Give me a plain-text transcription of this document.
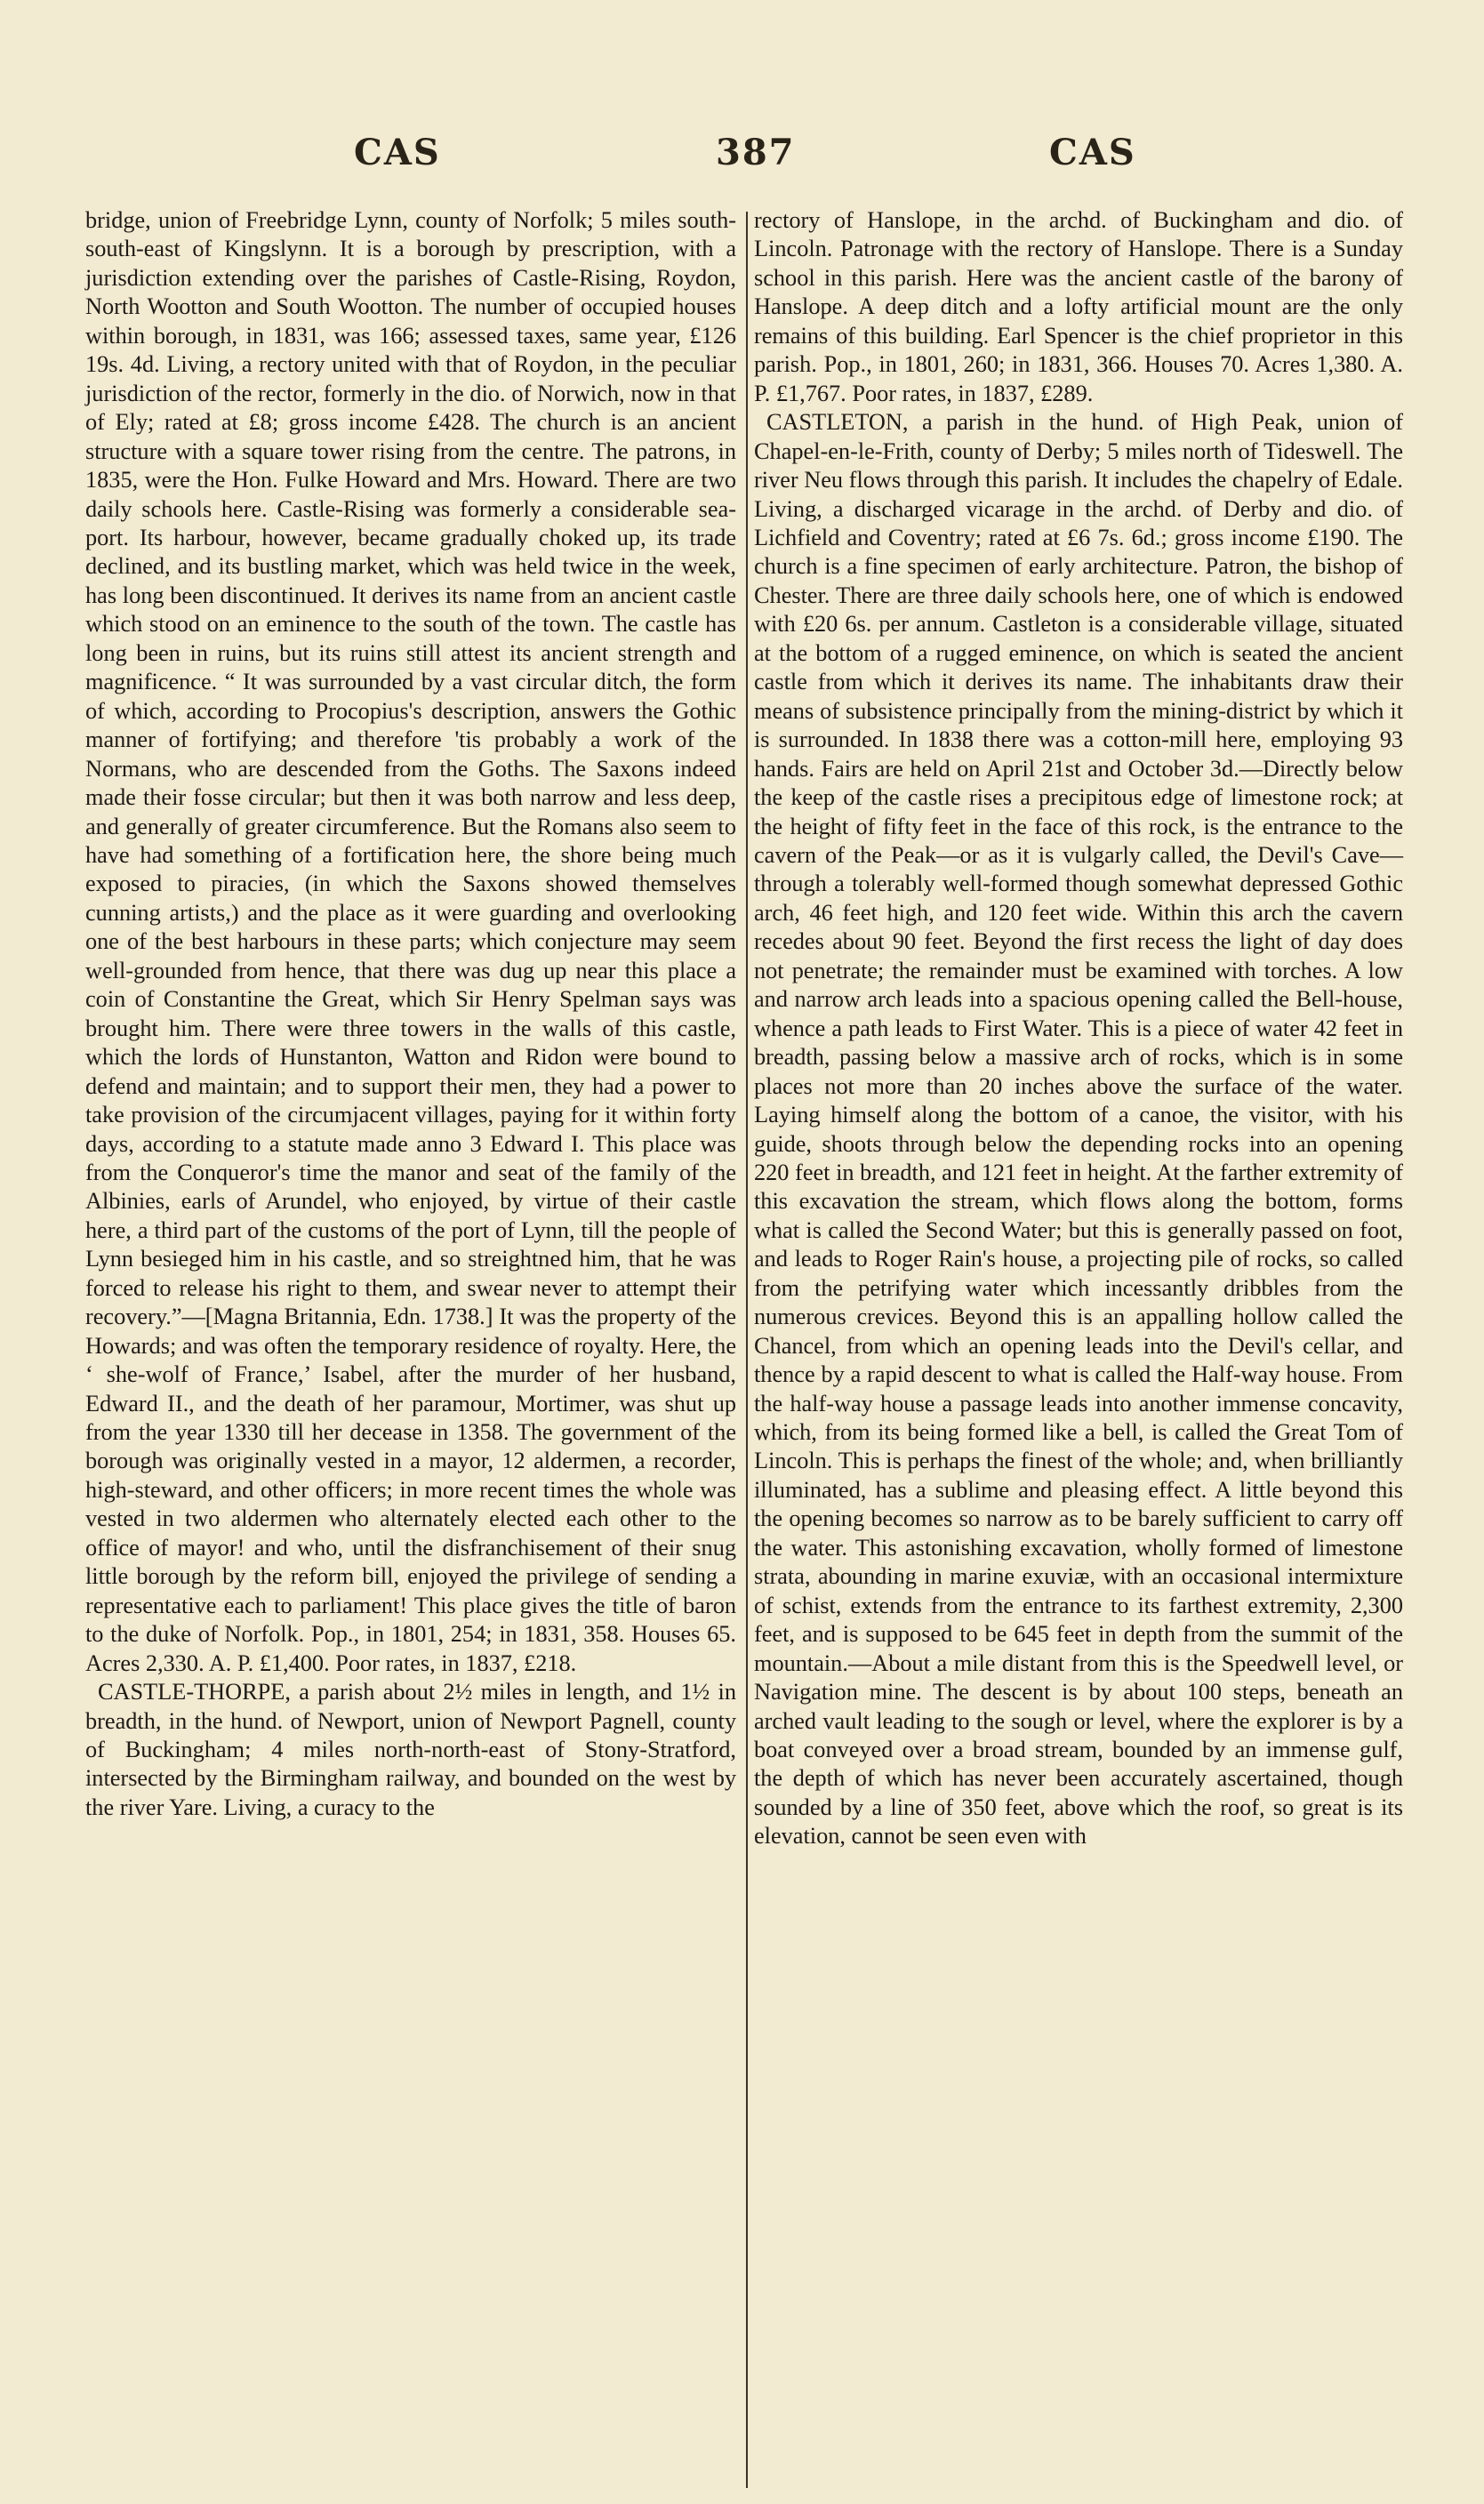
CAS	387	CAS

bridge, union of Freebridge Lynn, county of Norfolk; 5 miles south-south-east of Kingslynn. It is a borough by prescription, with a jurisdiction extending over the parishes of Castle-Rising, Roydon, North Wootton and South Wootton. The number of occupied houses within borough, in 1831, was 166; assessed taxes, same year, £126 19s. 4d. Living, a rectory united with that of Roydon, in the peculiar jurisdiction of the rector, formerly in the dio. of Norwich, now in that of Ely; rated at £8; gross income £428. The church is an ancient structure with a square tower rising from the centre. The patrons, in 1835, were the Hon. Fulke Howard and Mrs. Howard. There are two daily schools here. Castle-Rising was formerly a considerable sea-port. Its harbour, however, became gradually choked up, its trade declined, and its bustling market, which was held twice in the week, has long been discontinued. It derives its name from an ancient castle which stood on an eminence to the south of the town. The castle has long been in ruins, but its ruins still attest its ancient strength and magnificence. “ It was surrounded by a vast circular ditch, the form of which, according to Procopius's description, answers the Gothic manner of fortifying; and therefore 'tis probably a work of the Normans, who are descended from the Goths. The Saxons indeed made their fosse circular; but then it was both narrow and less deep, and generally of greater circumference. But the Romans also seem to have had something of a fortification here, the shore being much exposed to piracies, (in which the Saxons showed themselves cunning artists,) and the place as it were guarding and overlooking one of the best harbours in these parts; which conjecture may seem well-grounded from hence, that there was dug up near this place a coin of Constantine the Great, which Sir Henry Spelman says was brought him. There were three towers in the walls of this castle, which the lords of Hunstanton, Watton and Ridon were bound to defend and maintain; and to support their men, they had a power to take provision of the circumjacent villages, paying for it within forty days, according to a statute made anno 3 Edward I. This place was from the Conqueror's time the manor and seat of the family of the Albinies, earls of Arundel, who enjoyed, by virtue of their castle here, a third part of the customs of the port of Lynn, till the people of Lynn besieged him in his castle, and so streightned him, that he was forced to release his right to them, and swear never to attempt their recovery.”—[Magna Britannia, Edn. 1738.] It was the property of the Howards; and was often the temporary residence of royalty. Here, the ‘ she-wolf of France,’ Isabel, after the murder of her husband, Edward II., and the death of her paramour, Mortimer, was shut up from the year 1330 till her decease in 1358. The government of the borough was originally vested in a mayor, 12 aldermen, a recorder, high-steward, and other officers; in more recent times the whole was vested in two aldermen who alternately elected each other to the office of mayor! and who, until the disfranchisement of their snug little borough by the reform bill, enjoyed the privilege of sending a representative each to parliament! This place gives the title of baron to the duke of Norfolk. Pop., in 1801, 254; in 1831, 358. Houses 65. Acres 2,330. A. P. £1,400. Poor rates, in 1837, £218.

CASTLE-THORPE, a parish about 2½ miles in length, and 1½ in breadth, in the hund. of Newport, union of Newport Pagnell, county of Buckingham; 4 miles north-north-east of Stony-Stratford, intersected by the Birmingham railway, and bounded on the west by the river Yare. Living, a curacy to the

rectory of Hanslope, in the archd. of Buckingham and dio. of Lincoln. Patronage with the rectory of Hanslope. There is a Sunday school in this parish. Here was the ancient castle of the barony of Hanslope. A deep ditch and a lofty artificial mount are the only remains of this building. Earl Spencer is the chief proprietor in this parish. Pop., in 1801, 260; in 1831, 366. Houses 70. Acres 1,380. A. P. £1,767. Poor rates, in 1837, £289.

CASTLETON, a parish in the hund. of High Peak, union of Chapel-en-le-Frith, county of Derby; 5 miles north of Tideswell. The river Neu flows through this parish. It includes the chapelry of Edale. Living, a discharged vicarage in the archd. of Derby and dio. of Lichfield and Coventry; rated at £6 7s. 6d.; gross income £190. The church is a fine specimen of early architecture. Patron, the bishop of Chester. There are three daily schools here, one of which is endowed with £20 6s. per annum. Castleton is a considerable village, situated at the bottom of a rugged eminence, on which is seated the ancient castle from which it derives its name. The inhabitants draw their means of subsistence principally from the mining-district by which it is surrounded. In 1838 there was a cotton-mill here, employing 93 hands. Fairs are held on April 21st and October 3d.—Directly below the keep of the castle rises a precipitous edge of limestone rock; at the height of fifty feet in the face of this rock, is the entrance to the cavern of the Peak—or as it is vulgarly called, the Devil's Cave—through a tolerably well-formed though somewhat depressed Gothic arch, 46 feet high, and 120 feet wide. Within this arch the cavern recedes about 90 feet. Beyond the first recess the light of day does not penetrate; the remainder must be examined with torches. A low and narrow arch leads into a spacious opening called the Bell-house, whence a path leads to First Water. This is a piece of water 42 feet in breadth, passing below a massive arch of rocks, which is in some places not more than 20 inches above the surface of the water. Laying himself along the bottom of a canoe, the visitor, with his guide, shoots through below the depending rocks into an opening 220 feet in breadth, and 121 feet in height. At the farther extremity of this excavation the stream, which flows along the bottom, forms what is called the Second Water; but this is generally passed on foot, and leads to Roger Rain's house, a projecting pile of rocks, so called from the petrifying water which incessantly dribbles from the numerous crevices. Beyond this is an appalling hollow called the Chancel, from which an opening leads into the Devil's cellar, and thence by a rapid descent to what is called the Half-way house. From the half-way house a passage leads into another immense concavity, which, from its being formed like a bell, is called the Great Tom of Lincoln. This is perhaps the finest of the whole; and, when brilliantly illuminated, has a sublime and pleasing effect. A little beyond this the opening becomes so narrow as to be barely sufficient to carry off the water. This astonishing excavation, wholly formed of limestone strata, abounding in marine exuviæ, with an occasional intermixture of schist, extends from the entrance to its farthest extremity, 2,300 feet, and is supposed to be 645 feet in depth from the summit of the mountain.—About a mile distant from this is the Speedwell level, or Navigation mine. The descent is by about 100 steps, beneath an arched vault leading to the sough or level, where the explorer is by a boat conveyed over a broad stream, bounded by an immense gulf, the depth of which has never been accurately ascertained, though sounded by a line of 350 feet, above which the roof, so great is its elevation, cannot be seen even with
